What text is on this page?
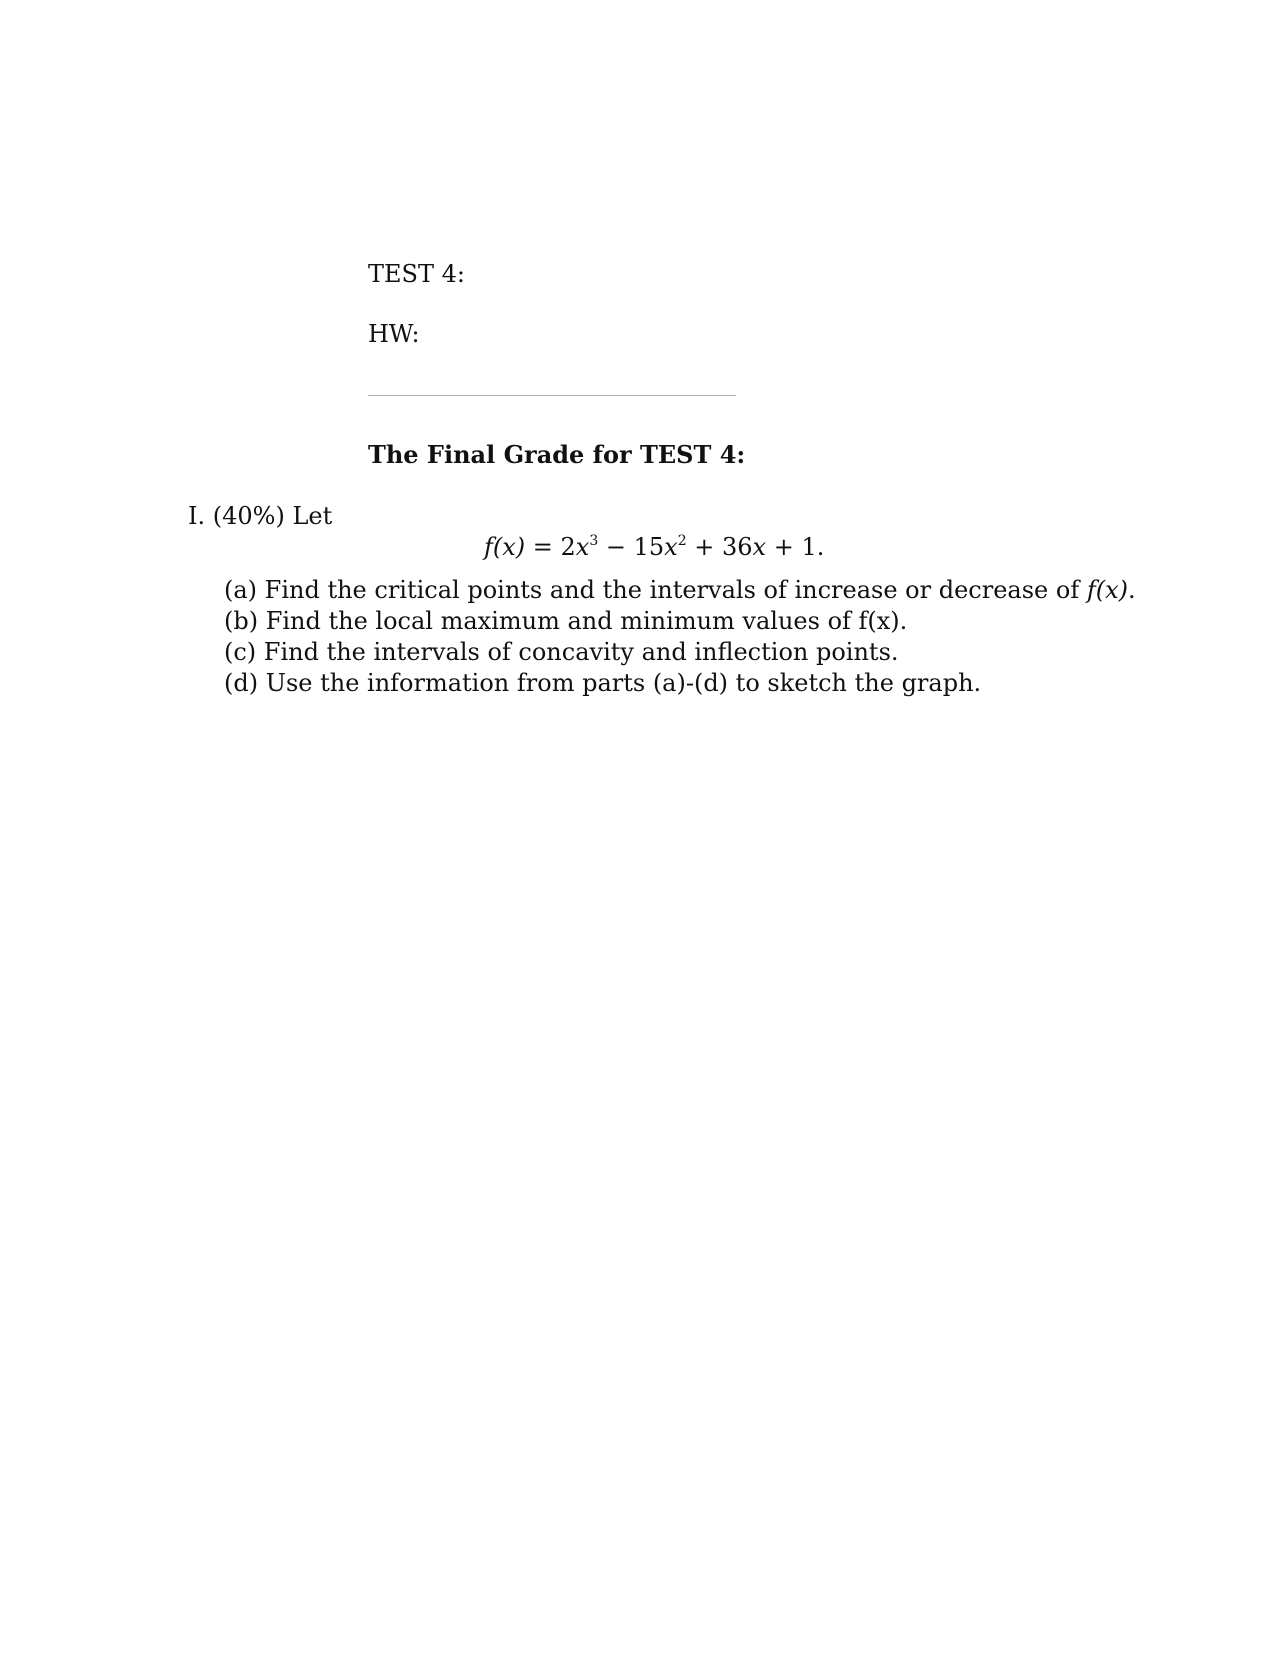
TEST 4:
HW:
The Final Grade for TEST 4:
I. (40%) Let
$f(x) = 2x^3 - 15x^2 + 36x + 1$.
(a) Find the critical points and the intervals of increase or decrease of f(x).
(b) Find the local maximum and minimum values of f(x).
(c) Find the intervals of concavity and inflection points.
(d) Use the information from parts (a)-(d) to sketch the graph.
